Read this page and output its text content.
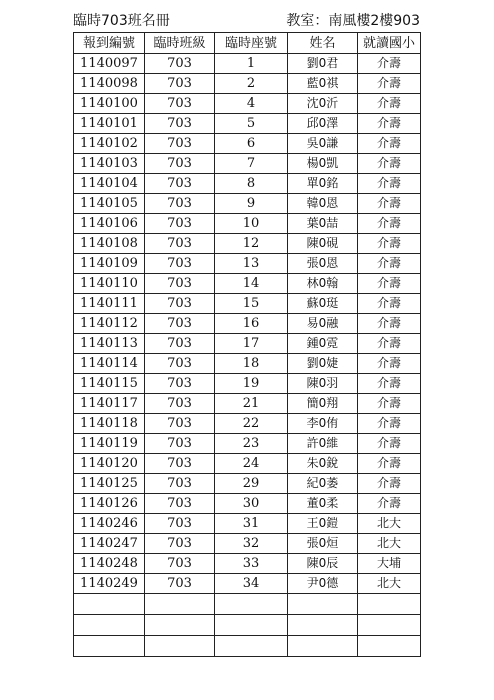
臨時703班名冊	教室：南風樓2樓903
報到編號	臨時班級	臨時座號	姓名	就讀國小
1140097	703	1	劉0君	介壽
1140098	703	2	藍0祺	介壽
1140100	703	4	沈0沂	介壽
1140101	703	5	邱0澤	介壽
1140102	703	6	吳0謙	介壽
1140103	703	7	楊0凱	介壽
1140104	703	8	單0銘	介壽
1140105	703	9	韓0恩	介壽
1140106	703	10	葉0喆	介壽
1140108	703	12	陳0硯	介壽
1140109	703	13	張0恩	介壽
1140110	703	14	林0翰	介壽
1140111	703	15	蘇0珽	介壽
1140112	703	16	易0融	介壽
1140113	703	17	鍾0霓	介壽
1140114	703	18	劉0婕	介壽
1140115	703	19	陳0羽	介壽
1140117	703	21	簡0翔	介壽
1140118	703	22	李0侑	介壽
1140119	703	23	許0維	介壽
1140120	703	24	朱0銳	介壽
1140125	703	29	紀0萎	介壽
1140126	703	30	董0柔	介壽
1140246	703	31	王0鎧	北大
1140247	703	32	張0烜	北大
1140248	703	33	陳0辰	大埔
1140249	703	34	尹0德	北大
